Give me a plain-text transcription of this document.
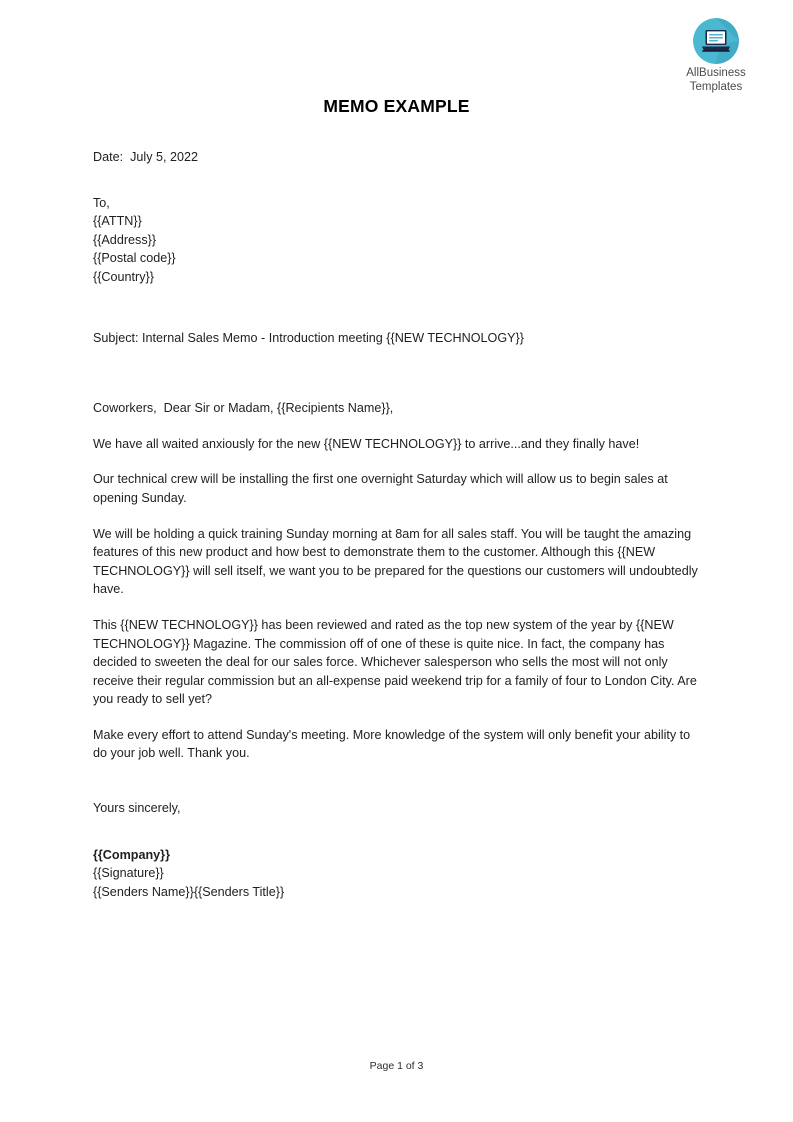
AllBusiness
Templates
MEMO EXAMPLE
Date: July 5, 2022
To,
{{ATTN}}
{{Address}}
{{Postal code}}
{{Country}}
Subject: Internal Sales Memo - Introduction meeting {{NEW TECHNOLOGY}}
Coworkers,  Dear Sir or Madam, {{Recipients Name}},

We have all waited anxiously for the new {{NEW TECHNOLOGY}} to arrive...and they finally have!

Our technical crew will be installing the first one overnight Saturday which will allow us to begin sales at opening Sunday.

We will be holding a quick training Sunday morning at 8am for all sales staff. You will be taught the amazing features of this new product and how best to demonstrate them to the customer. Although this {{NEW TECHNOLOGY}} will sell itself, we want you to be prepared for the questions our customers will undoubtedly have.

This {{NEW TECHNOLOGY}} has been reviewed and rated as the top new system of the year by {{NEW TECHNOLOGY}} Magazine. The commission off of one of these is quite nice. In fact, the company has decided to sweeten the deal for our sales force. Whichever salesperson who sells the most will not only receive their regular commission but an all-expense paid weekend trip for a family of four to London City. Are you ready to sell yet?

Make every effort to attend Sunday's meeting. More knowledge of the system will only benefit your ability to do your job well. Thank you.

Yours sincerely,
{{Company}}
{{Signature}}
{{Senders Name}}{{Senders Title}}
Page 1 of 3
